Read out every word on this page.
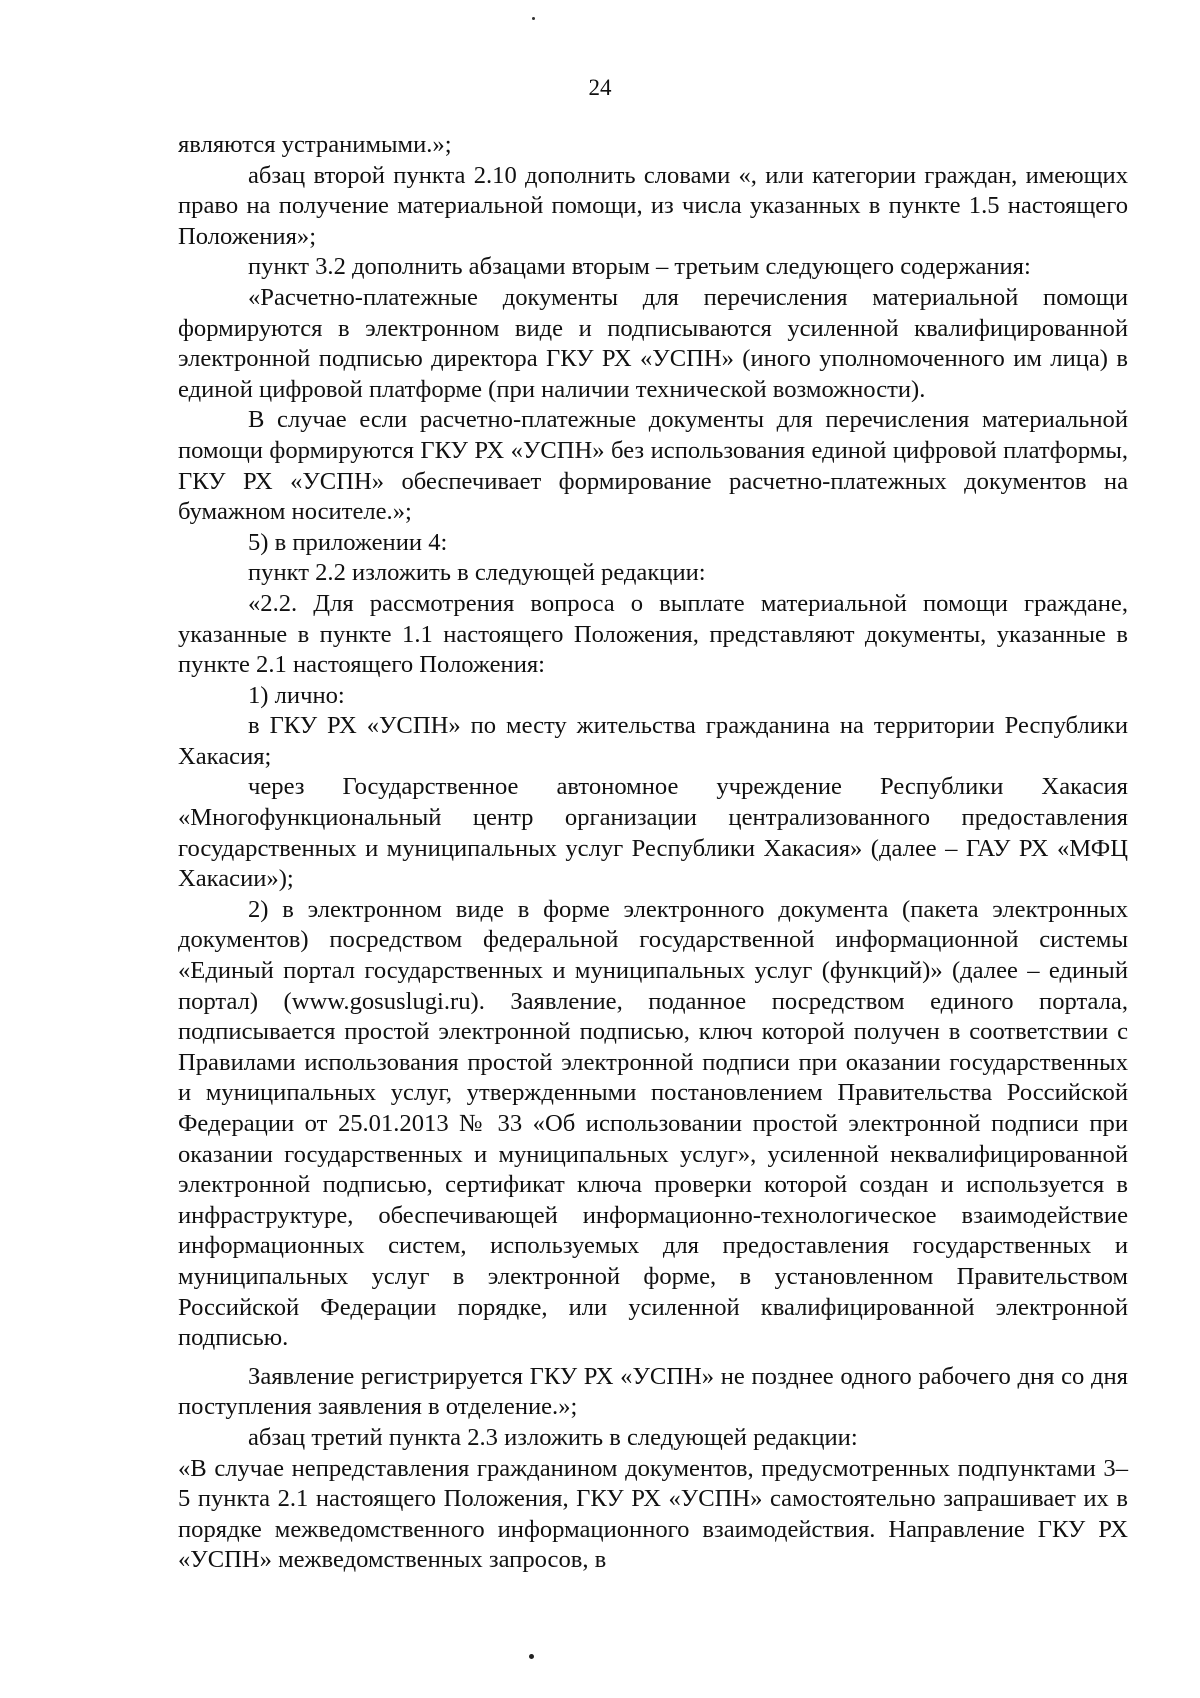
24

являются устранимыми.»;

абзац второй пункта 2.10 дополнить словами «, или категории граждан, имеющих право на получение материальной помощи, из числа указанных в пункте 1.5 настоящего Положения»;

пункт 3.2 дополнить абзацами вторым – третьим следующего содержания:

«Расчетно-платежные документы для перечисления материальной помощи формируются в электронном виде и подписываются усиленной квалифицированной электронной подписью директора ГКУ РХ «УСПН» (иного уполномоченного им лица) в единой цифровой платформе (при наличии технической возможности).

В случае если расчетно-платежные документы для перечисления материальной помощи формируются ГКУ РХ «УСПН» без использования единой цифровой платформы, ГКУ РХ «УСПН» обеспечивает формирование расчетно-платежных документов на бумажном носителе.»;

5) в приложении 4:

пункт 2.2 изложить в следующей редакции:

«2.2. Для рассмотрения вопроса о выплате материальной помощи граждане, указанные в пункте 1.1 настоящего Положения, представляют документы, указанные в пункте 2.1 настоящего Положения:

1) лично:

в ГКУ РХ «УСПН» по месту жительства гражданина на территории Республики Хакасия;

через Государственное автономное учреждение Республики Хакасия «Многофункциональный центр организации централизованного предоставления государственных и муниципальных услуг Республики Хакасия» (далее – ГАУ РХ «МФЦ Хакасии»);

2) в электронном виде в форме электронного документа (пакета электронных документов) посредством федеральной государственной информационной системы «Единый портал государственных и муниципальных услуг (функций)» (далее – единый портал) (www.gosuslugi.ru). Заявление, поданное посредством единого портала, подписывается простой электронной подписью, ключ которой получен в соответствии с Правилами использования простой электронной подписи при оказании государственных и муниципальных услуг, утвержденными постановлением Правительства Российской Федерации от 25.01.2013 № 33 «Об использовании простой электронной подписи при оказании государственных и муниципальных услуг», усиленной неквалифицированной электронной подписью, сертификат ключа проверки которой создан и используется в инфраструктуре, обеспечивающей информационно-технологическое взаимодействие информационных систем, используемых для предоставления государственных и муниципальных услуг в электронной форме, в установленном Правительством Российской Федерации порядке, или усиленной квалифицированной электронной подписью.

Заявление регистрируется ГКУ РХ «УСПН» не позднее одного рабочего дня со дня поступления заявления в отделение.»;

абзац третий пункта 2.3 изложить в следующей редакции:

«В случае непредставления гражданином документов, предусмотренных подпунктами 3–5 пункта 2.1 настоящего Положения, ГКУ РХ «УСПН» самостоятельно запрашивает их в порядке межведомственного информационного взаимодействия. Направление ГКУ РХ «УСПН» межведомственных запросов, в
